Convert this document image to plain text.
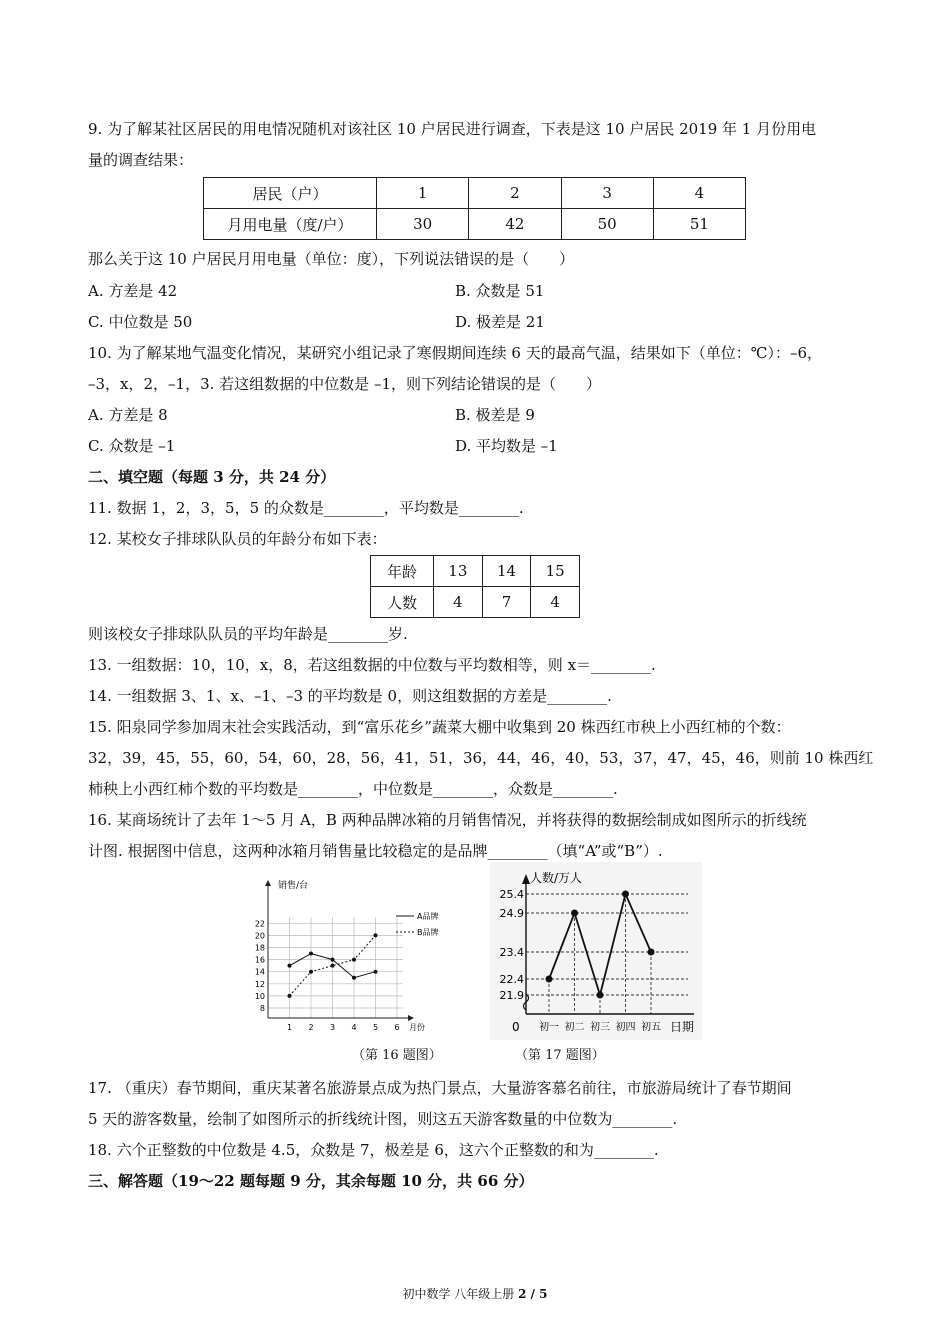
9. 为了解某社区居民的用电情况随机对该社区 10 户居民进行调查，下表是这 10 户居民 2019 年 1 月份用电
量的调查结果：
居民（户）	1	2	3	4
月用电量（度/户）	30	42	50	51
那么关于这 10 户居民月用电量（单位：度），下列说法错误的是（　　）
A. 方差是 42	B. 众数是 51
C. 中位数是 50	D. 极差是 21
10. 为了解某地气温变化情况，某研究小组记录了寒假期间连续 6 天的最高气温，结果如下（单位：℃）：–6，
–3，x，2，–1，3. 若这组数据的中位数是 –1，则下列结论错误的是（　　）
A. 方差是 8	B. 极差是 9
C. 众数是 –1	D. 平均数是 –1
二、填空题（每题 3 分，共 24 分）
11. 数据 1，2，3，5，5 的众数是________，平均数是________.
12. 某校女子排球队队员的年龄分布如下表：
年龄	13	14	15
人数	4	7	4
则该校女子排球队队员的平均年龄是________岁.
13. 一组数据：10，10，x，8，若这组数据的中位数与平均数相等，则 x＝________.
14. 一组数据 3、1、x、–1、–3 的平均数是 0，则这组数据的方差是________.
15. 阳泉同学参加周末社会实践活动，到“富乐花乡”蔬菜大棚中收集到 20 株西红市秧上小西红柿的个数：
32，39，45，55，60，54，60，28，56，41，51，36，44，46，40，53，37，47，45，46，则前 10 株西红
柿秧上小西红柿个数的平均数是________，中位数是________，众数是________.
16. 某商场统计了去年 1～5 月 A，B 两种品牌冰箱的月销售情况，并将获得的数据绘制成如图所示的折线统
计图. 根据图中信息，这两种冰箱月销售量比较稳定的是品牌________（填“A”或“B”）.
销售/台
月份
8
10
12
14
16
18
20
22
1 2 3 4 5 6
A品牌
B品牌
人数/万人
0
21.9
22.4
23.4
24.9
25.4
初一 初二 初三 初四 初五 日期
（第 16 题图）	（第 17 题图）
17. （重庆）春节期间，重庆某著名旅游景点成为热门景点，大量游客慕名前往，市旅游局统计了春节期间
5 天的游客数量，绘制了如图所示的折线统计图，则这五天游客数量的中位数为________.
18. 六个正整数的中位数是 4.5，众数是 7，极差是 6，这六个正整数的和为________.
三、解答题（19～22 题每题 9 分，其余每题 10 分，共 66 分）
初中数学 八年级上册 2 / 5
